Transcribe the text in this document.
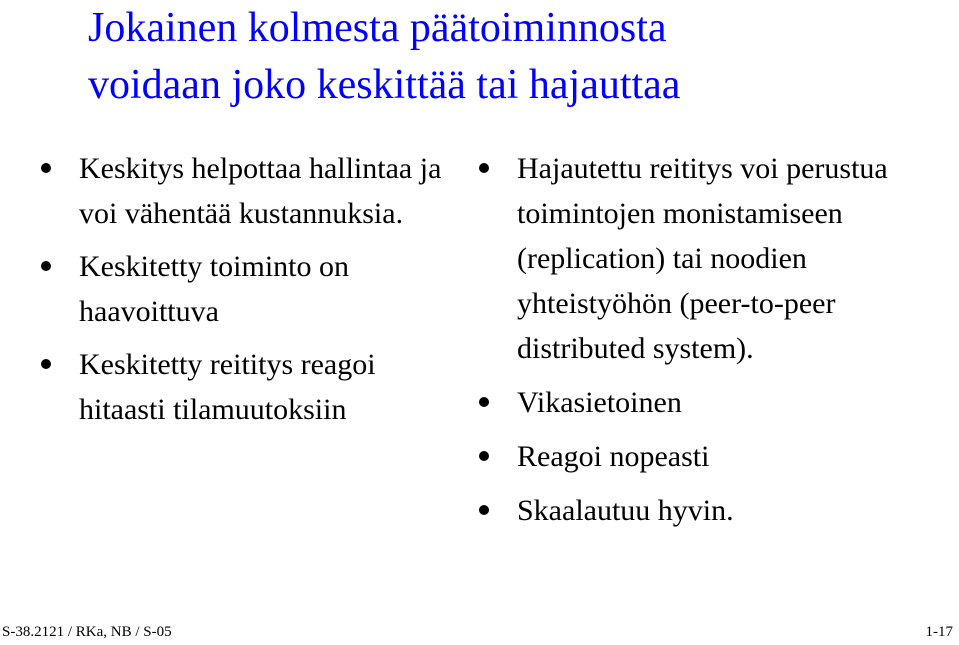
Jokainen kolmesta päätoiminnosta
voidaan joko keskittää tai hajauttaa
Keskitys helpottaa hallintaa ja voi vähentää kustannuksia.
Keskitetty toiminto on haavoittuva
Keskitetty reititys reagoi hitaasti tilamuutoksiin
Hajautettu reititys voi perustua toimintojen monistamiseen (replication) tai noodien yhteistyöhön (peer-to-peer distributed system).
Vikasietoinen
Reagoi nopeasti
Skaalautuu hyvin.
S-38.2121 / RKa, NB / S-05	1-17
